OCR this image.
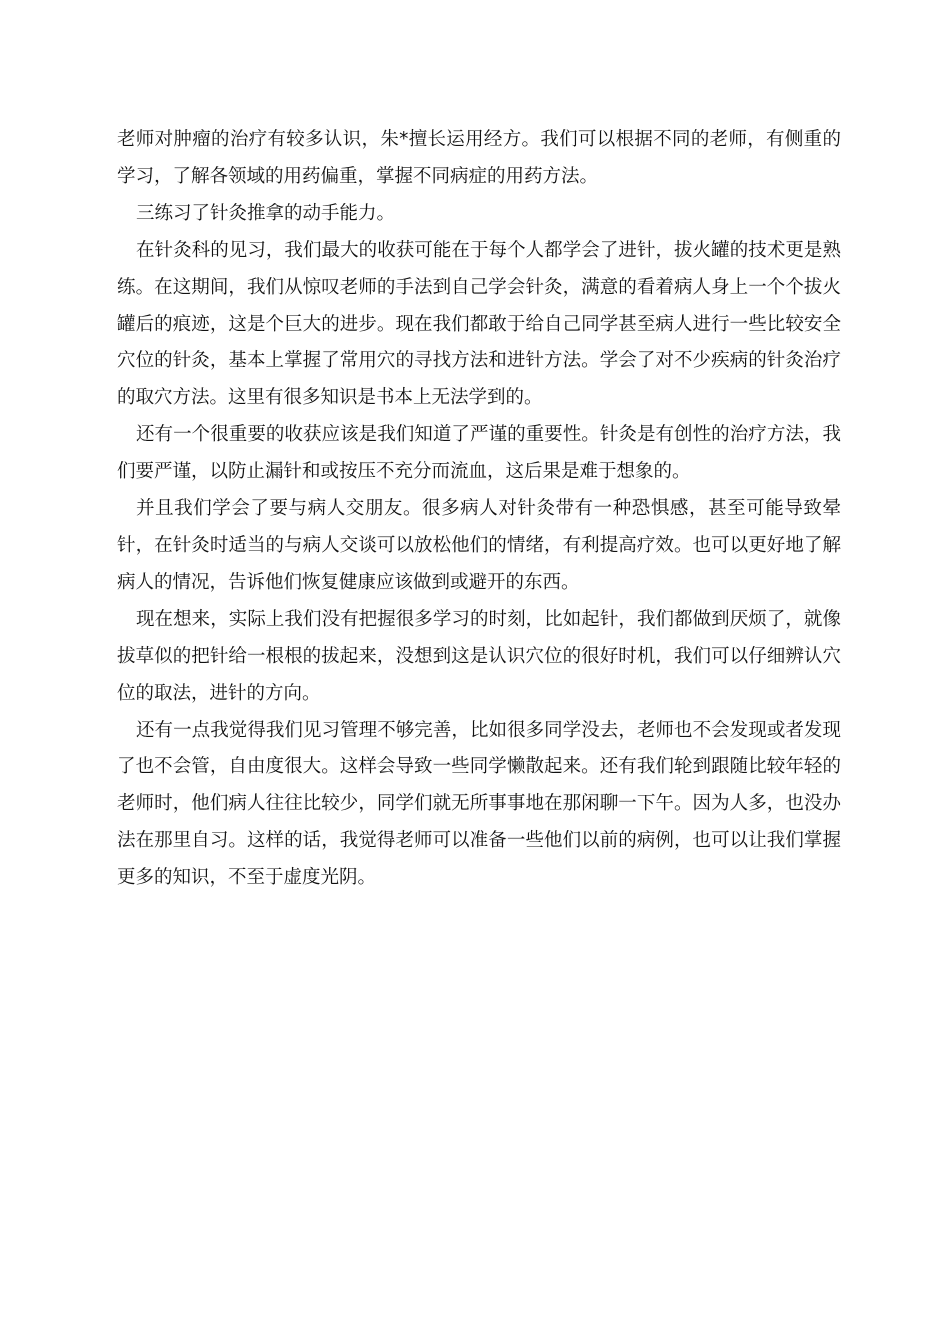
老师对肿瘤的治疗有较多认识，朱*擅长运用经方。我们可以根据不同的老师，有侧重的学习，了解各领域的用药偏重，掌握不同病症的用药方法。

三练习了针灸推拿的动手能力。

在针灸科的见习，我们最大的收获可能在于每个人都学会了进针，拔火罐的技术更是熟练。在这期间，我们从惊叹老师的手法到自己学会针灸，满意的看着病人身上一个个拔火罐后的痕迹，这是个巨大的进步。现在我们都敢于给自己同学甚至病人进行一些比较安全穴位的针灸，基本上掌握了常用穴的寻找方法和进针方法。学会了对不少疾病的针灸治疗的取穴方法。这里有很多知识是书本上无法学到的。

还有一个很重要的收获应该是我们知道了严谨的重要性。针灸是有创性的治疗方法，我们要严谨，以防止漏针和或按压不充分而流血，这后果是难于想象的。

并且我们学会了要与病人交朋友。很多病人对针灸带有一种恐惧感，甚至可能导致晕针，在针灸时适当的与病人交谈可以放松他们的情绪，有利提高疗效。也可以更好地了解病人的情况，告诉他们恢复健康应该做到或避开的东西。

现在想来，实际上我们没有把握很多学习的时刻，比如起针，我们都做到厌烦了，就像拔草似的把针给一根根的拔起来，没想到这是认识穴位的很好时机，我们可以仔细辨认穴位的取法，进针的方向。

还有一点我觉得我们见习管理不够完善，比如很多同学没去，老师也不会发现或者发现了也不会管，自由度很大。这样会导致一些同学懒散起来。还有我们轮到跟随比较年轻的老师时，他们病人往往比较少，同学们就无所事事地在那闲聊一下午。因为人多，也没办法在那里自习。这样的话，我觉得老师可以准备一些他们以前的病例，也可以让我们掌握更多的知识，不至于虚度光阴。
